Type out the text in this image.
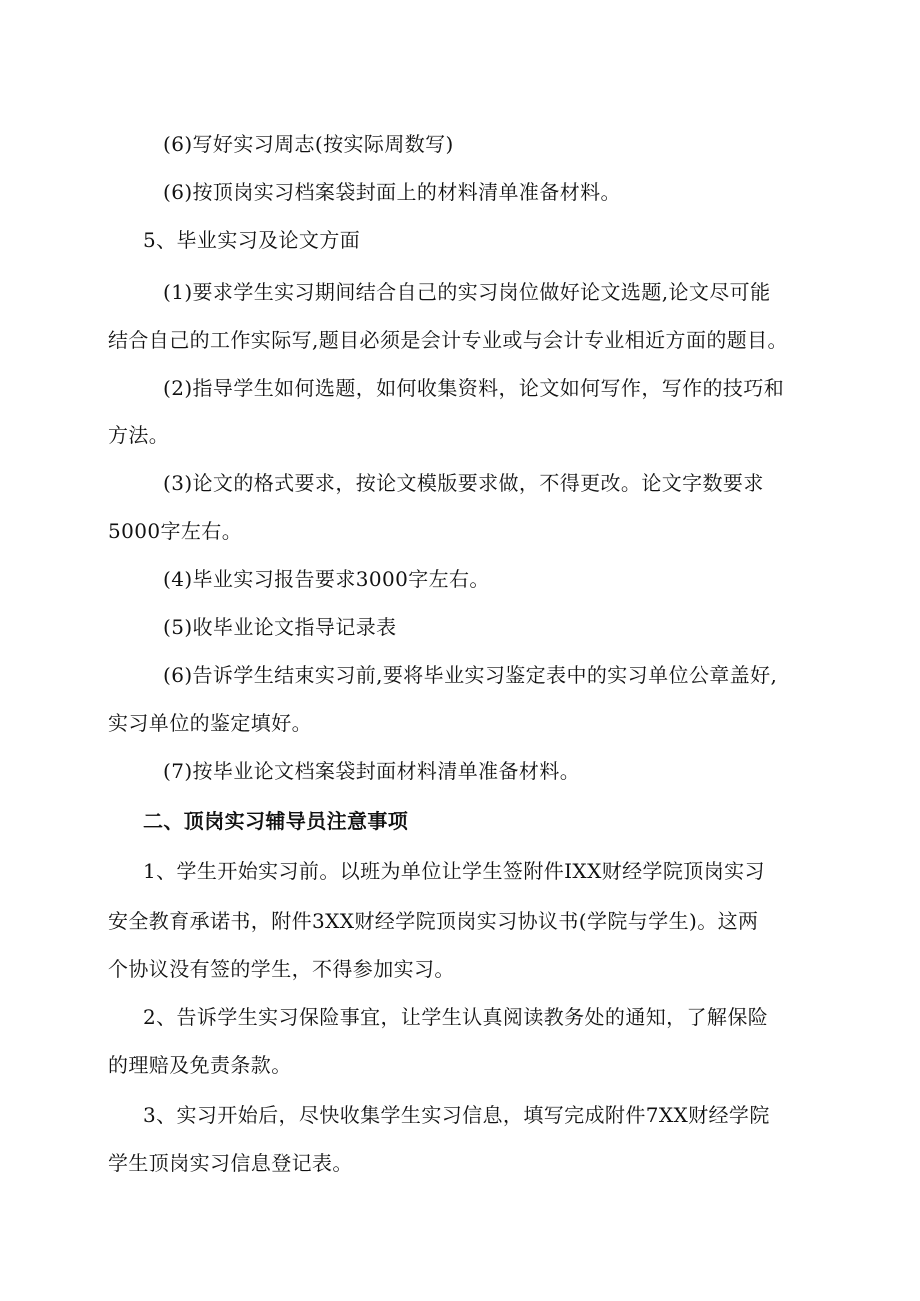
(6)写好实习周志(按实际周数写)
(6)按顶岗实习档案袋封面上的材料清单准备材料。
5、毕业实习及论文方面
(1)要求学生实习期间结合自己的实习岗位做好论文选题,论文尽可能
结合自己的工作实际写,题目必须是会计专业或与会计专业相近方面的题目。
(2)指导学生如何选题，如何收集资料，论文如何写作，写作的技巧和
方法。
(3)论文的格式要求，按论文模版要求做，不得更改。论文字数要求
5000字左右。
(4)毕业实习报告要求3000字左右。
(5)收毕业论文指导记录表
(6)告诉学生结束实习前,要将毕业实习鉴定表中的实习单位公章盖好,
实习单位的鉴定填好。
(7)按毕业论文档案袋封面材料清单准备材料。
二、顶岗实习辅导员注意事项
1、学生开始实习前。以班为单位让学生签附件IXX财经学院顶岗实习
安全教育承诺书，附件3XX财经学院顶岗实习协议书(学院与学生)。这两
个协议没有签的学生，不得参加实习。
2、告诉学生实习保险事宜，让学生认真阅读教务处的通知，了解保险
的理赔及免责条款。
3、实习开始后，尽快收集学生实习信息，填写完成附件7XX财经学院
学生顶岗实习信息登记表。
